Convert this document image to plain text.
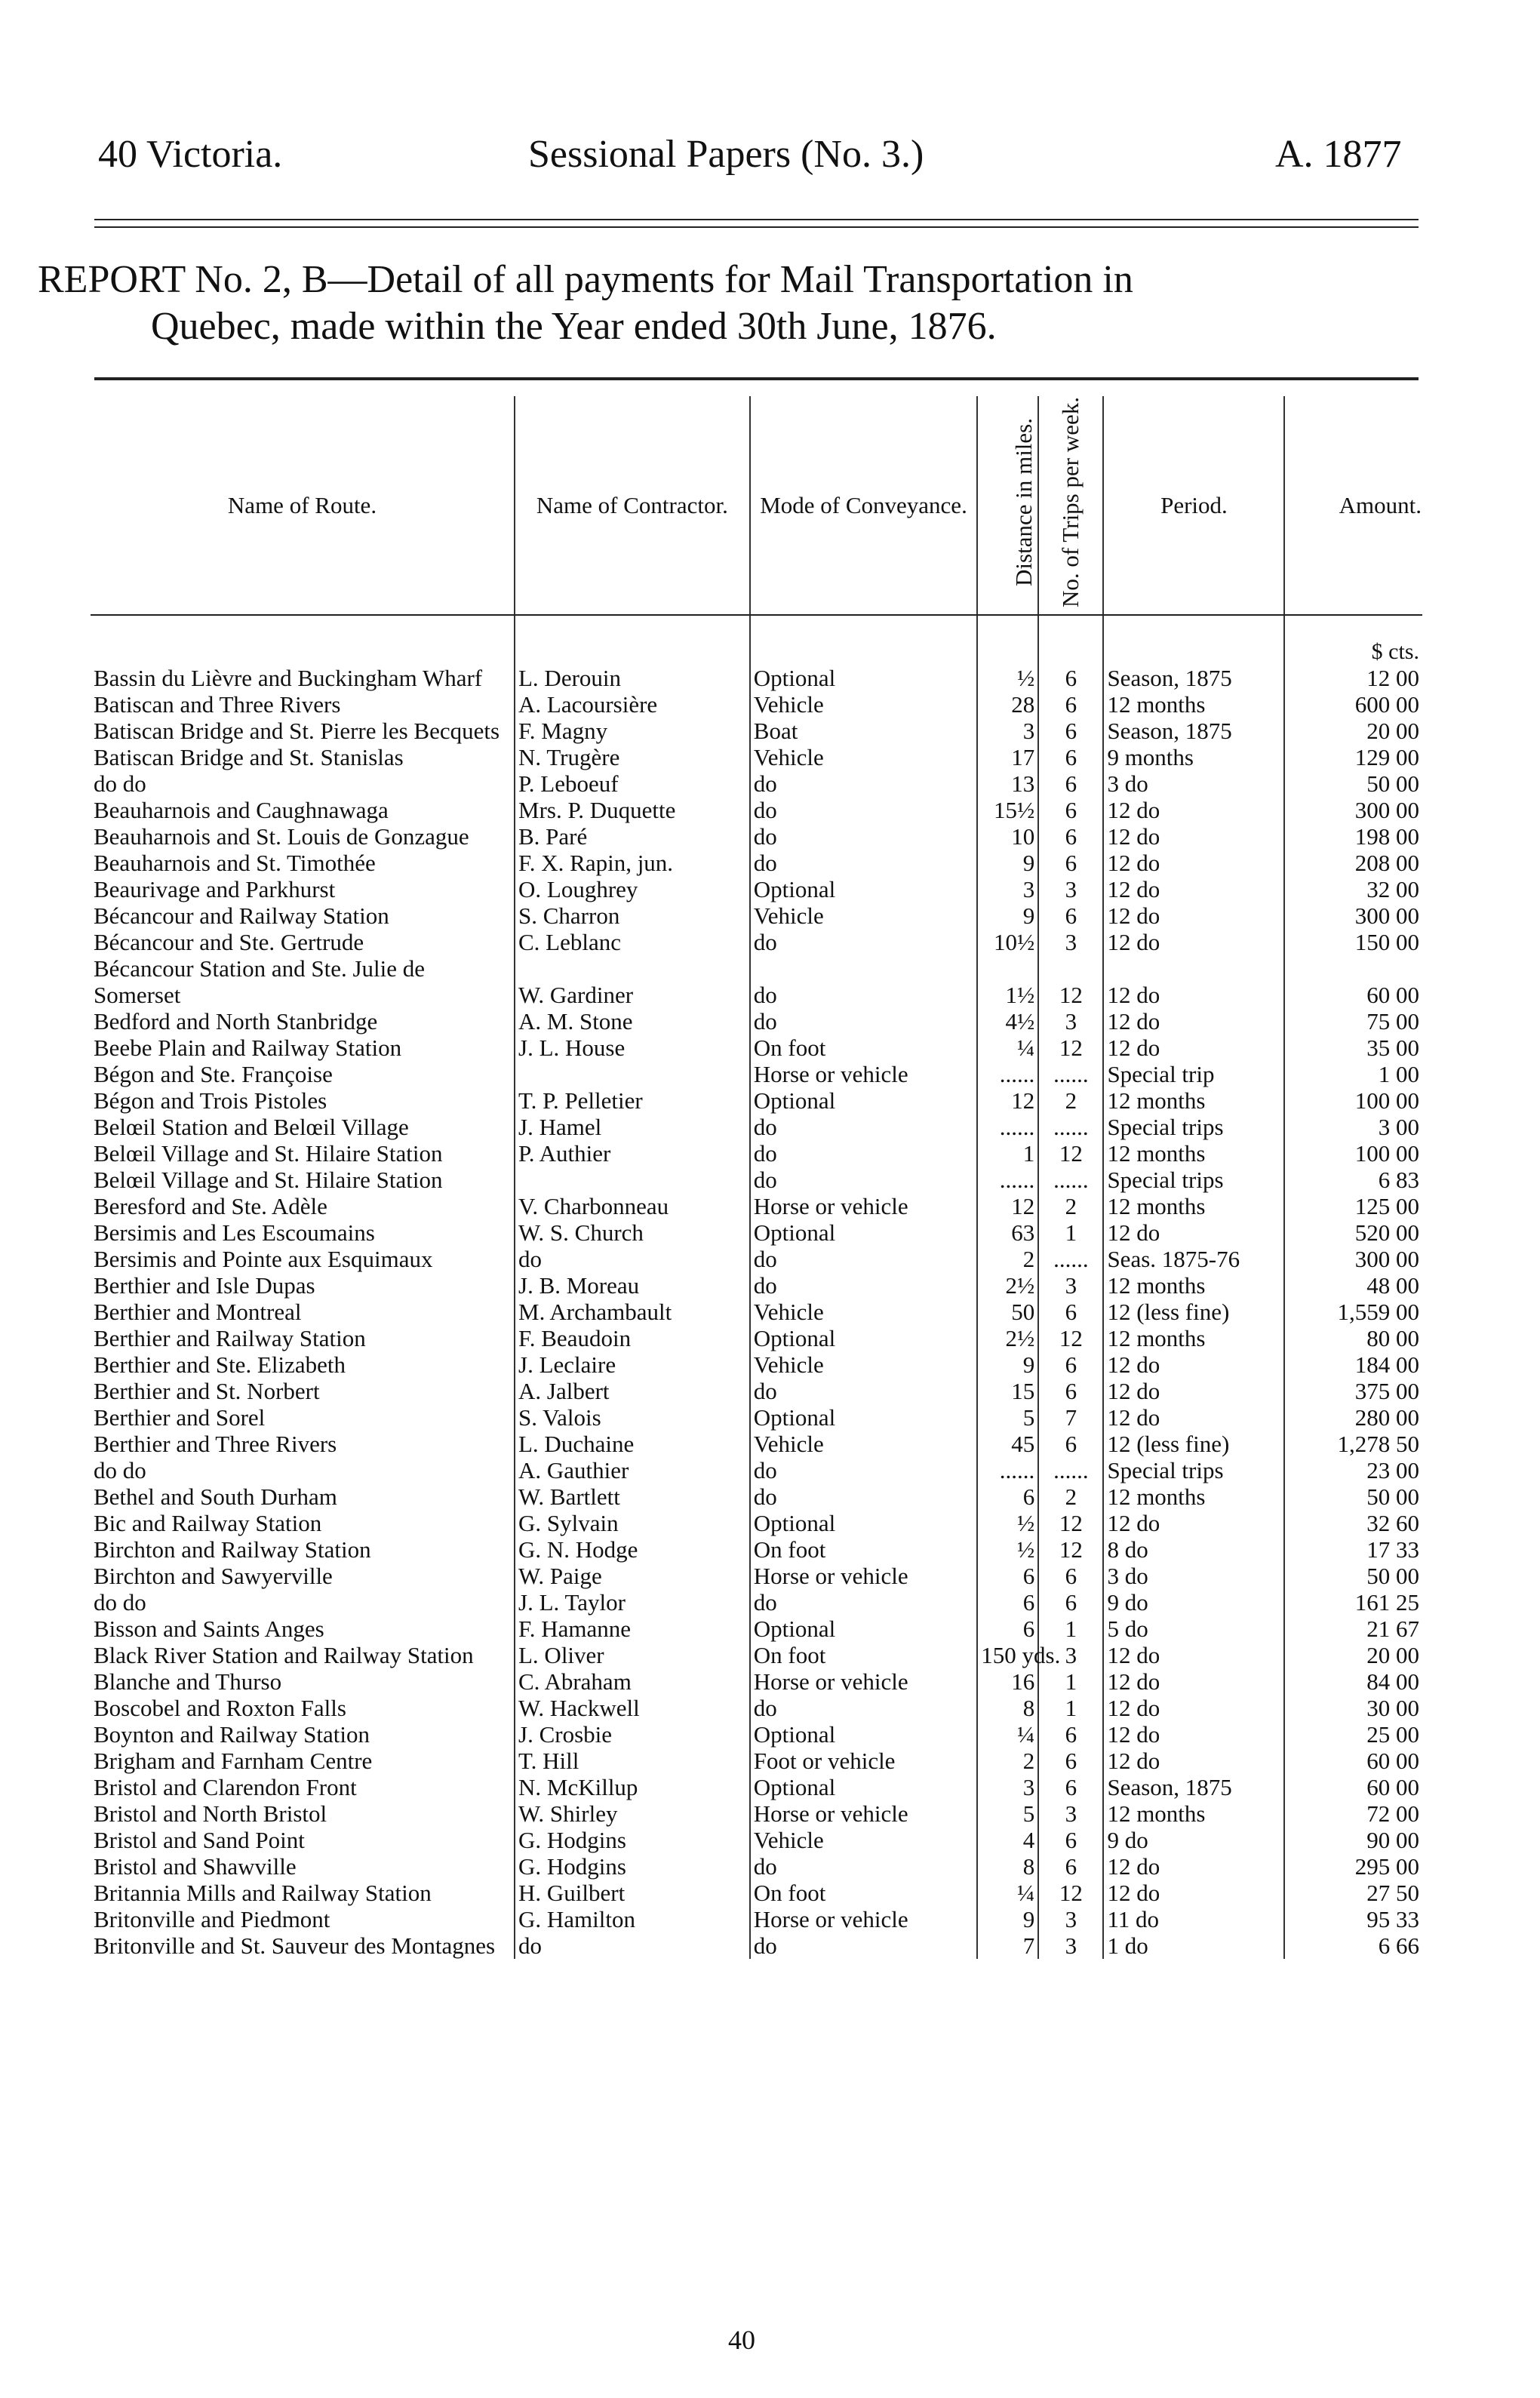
40 Victoria.	Sessional Papers (No. 3.)	A. 1877
REPORT No. 2, B—Detail of all payments for Mail Transportation in
Quebec, made within the Year ended 30th June, 1876.
Name of Route.	Name of Contractor.	Mode of Conveyance.	Distance in miles.	No. of Trips per week.	Period.	Amount.
						$ cts.
Bassin du Lièvre and Buckingham Wharf	L. Derouin	Optional	½	6	Season, 1875	12 00
Batiscan and Three Rivers	A. Lacoursière	Vehicle	28	6	12 months	600 00
Batiscan Bridge and St. Pierre les Becquets	F. Magny	Boat	3	6	Season, 1875	20 00
Batiscan Bridge and St. Stanislas	N. Trugère	Vehicle	17	6	9 months	129 00
do do	P. Leboeuf	do	13	6	3 do	50 00
Beauharnois and Caughnawaga	Mrs. P. Duquette	do	15½	6	12 do	300 00
Beauharnois and St. Louis de Gonzague	B. Paré	do	10	6	12 do	198 00
Beauharnois and St. Timothée	F. X. Rapin, jun.	do	9	6	12 do	208 00
Beaurivage and Parkhurst	O. Loughrey	Optional	3	3	12 do	32 00
Bécancour and Railway Station	S. Charron	Vehicle	9	6	12 do	300 00
Bécancour and Ste. Gertrude	C. Leblanc	do	10½	3	12 do	150 00
Bécancour Station and Ste. Julie de Somerset	W. Gardiner	do	1½	12	12 do	60 00
Bedford and North Stanbridge	A. M. Stone	do	4½	3	12 do	75 00
Beebe Plain and Railway Station	J. L. House	On foot	¼	12	12 do	35 00
Bégon and Ste. Françoise		Horse or vehicle	......	......	Special trip	1 00
Bégon and Trois Pistoles	T. P. Pelletier	Optional	12	2	12 months	100 00
Belœil Station and Belœil Village	J. Hamel	do	......	......	Special trips	3 00
Belœil Village and St. Hilaire Station	P. Authier	do	1	12	12 months	100 00
Belœil Village and St. Hilaire Station		do	......	......	Special trips	6 83
Beresford and Ste. Adèle	V. Charbonneau	Horse or vehicle	12	2	12 months	125 00
Bersimis and Les Escoumains	W. S. Church	Optional	63	1	12 do	520 00
Bersimis and Pointe aux Esquimaux	do	do	2	......	Seas. 1875-76	300 00
Berthier and Isle Dupas	J. B. Moreau	do	2½	3	12 months	48 00
Berthier and Montreal	M. Archambault	Vehicle	50	6	12 (less fine)	1,559 00
Berthier and Railway Station	F. Beaudoin	Optional	2½	12	12 months	80 00
Berthier and Ste. Elizabeth	J. Leclaire	Vehicle	9	6	12 do	184 00
Berthier and St. Norbert	A. Jalbert	do	15	6	12 do	375 00
Berthier and Sorel	S. Valois	Optional	5	7	12 do	280 00
Berthier and Three Rivers	L. Duchaine	Vehicle	45	6	12 (less fine)	1,278 50
do do	A. Gauthier	do	......	......	Special trips	23 00
Bethel and South Durham	W. Bartlett	do	6	2	12 months	50 00
Bic and Railway Station	G. Sylvain	Optional	½	12	12 do	32 60
Birchton and Railway Station	G. N. Hodge	On foot	½	12	8 do	17 33
Birchton and Sawyerville	W. Paige	Horse or vehicle	6	6	3 do	50 00
do do	J. L. Taylor	do	6	6	9 do	161 25
Bisson and Saints Anges	F. Hamanne	Optional	6	1	5 do	21 67
Black River Station and Railway Station	L. Oliver	On foot	150 yds.	3	12 do	20 00
Blanche and Thurso	C. Abraham	Horse or vehicle	16	1	12 do	84 00
Boscobel and Roxton Falls	W. Hackwell	do	8	1	12 do	30 00
Boynton and Railway Station	J. Crosbie	Optional	¼	6	12 do	25 00
Brigham and Farnham Centre	T. Hill	Foot or vehicle	2	6	12 do	60 00
Bristol and Clarendon Front	N. McKillup	Optional	3	6	Season, 1875	60 00
Bristol and North Bristol	W. Shirley	Horse or vehicle	5	3	12 months	72 00
Bristol and Sand Point	G. Hodgins	Vehicle	4	6	9 do	90 00
Bristol and Shawville	G. Hodgins	do	8	6	12 do	295 00
Britannia Mills and Railway Station	H. Guilbert	On foot	¼	12	12 do	27 50
Britonville and Piedmont	G. Hamilton	Horse or vehicle	9	3	11 do	95 33
Britonville and St. Sauveur des Montagnes	do	do	7	3	1 do	6 66
40
